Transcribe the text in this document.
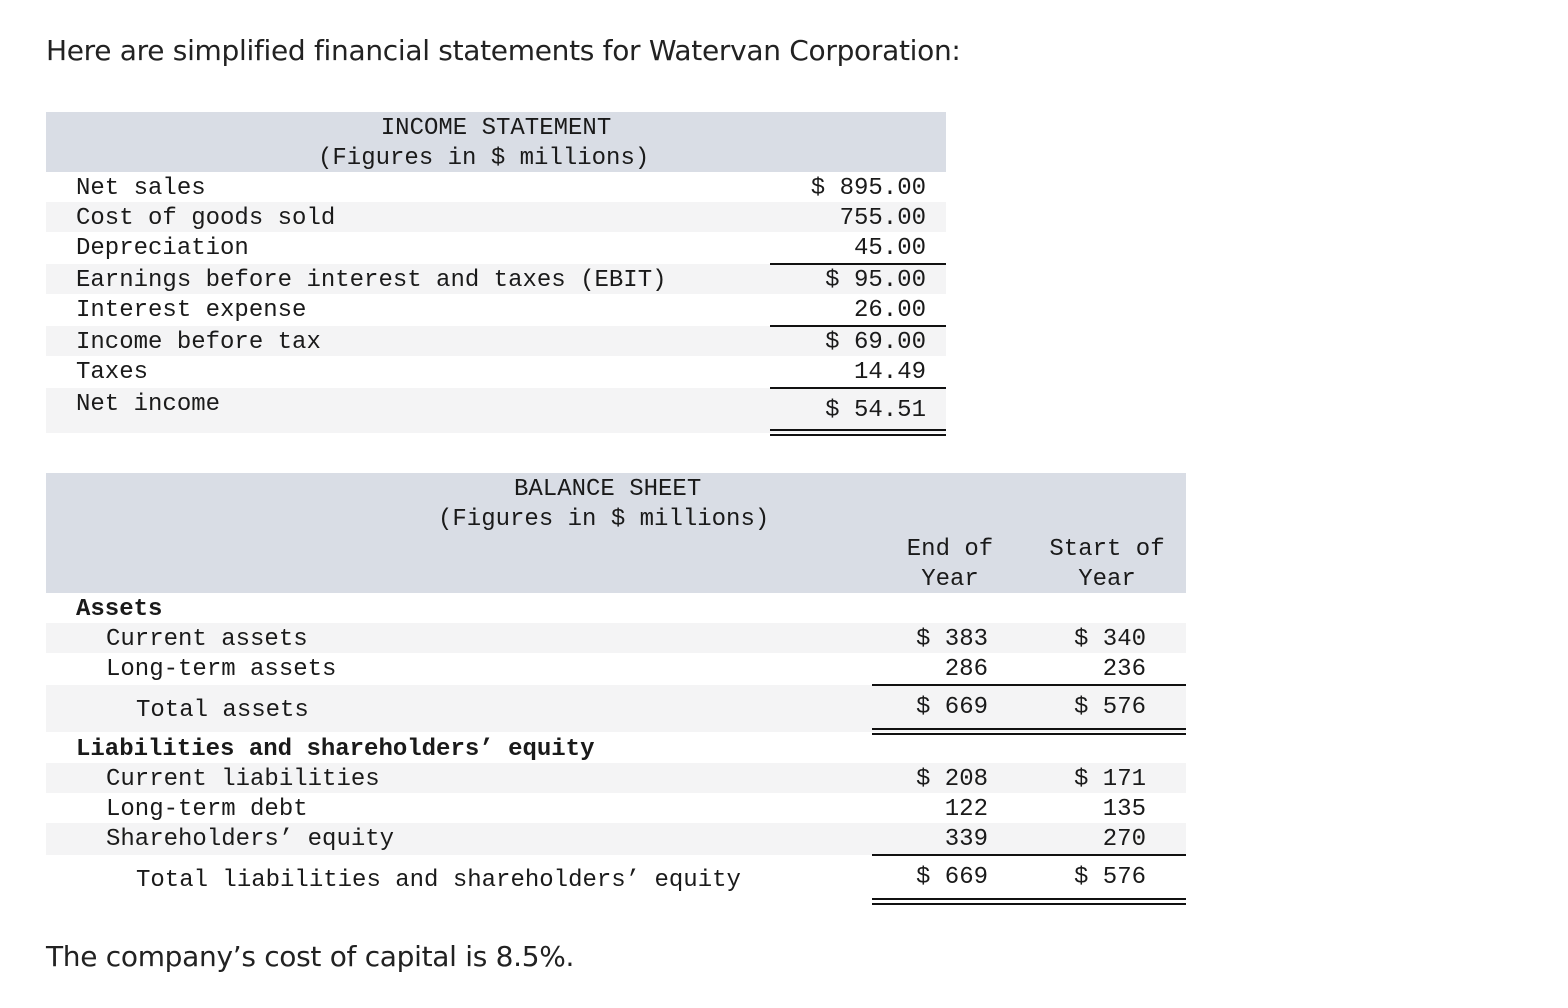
Here are simplified financial statements for Watervan Corporation:
INCOME STATEMENT
(Figures in $ millions)
Net sales	$ 895.00
Cost of goods sold	755.00
Depreciation	45.00
Earnings before interest and taxes (EBIT)	$ 95.00
Interest expense	26.00
Income before tax	$ 69.00
Taxes	14.49
Net income	$ 54.51
BALANCE SHEET
(Figures in $ millions)
End of
Year
Start of
Year
Assets
Current assets	$ 383	$ 340
Long-term assets	286	236
Total assets	$ 669	$ 576
Liabilities and shareholders’ equity
Current liabilities	$ 208	$ 171
Long-term debt	122	135
Shareholders’ equity	339	270
Total liabilities and shareholders’ equity	$ 669	$ 576
The company’s cost of capital is 8.5%.
